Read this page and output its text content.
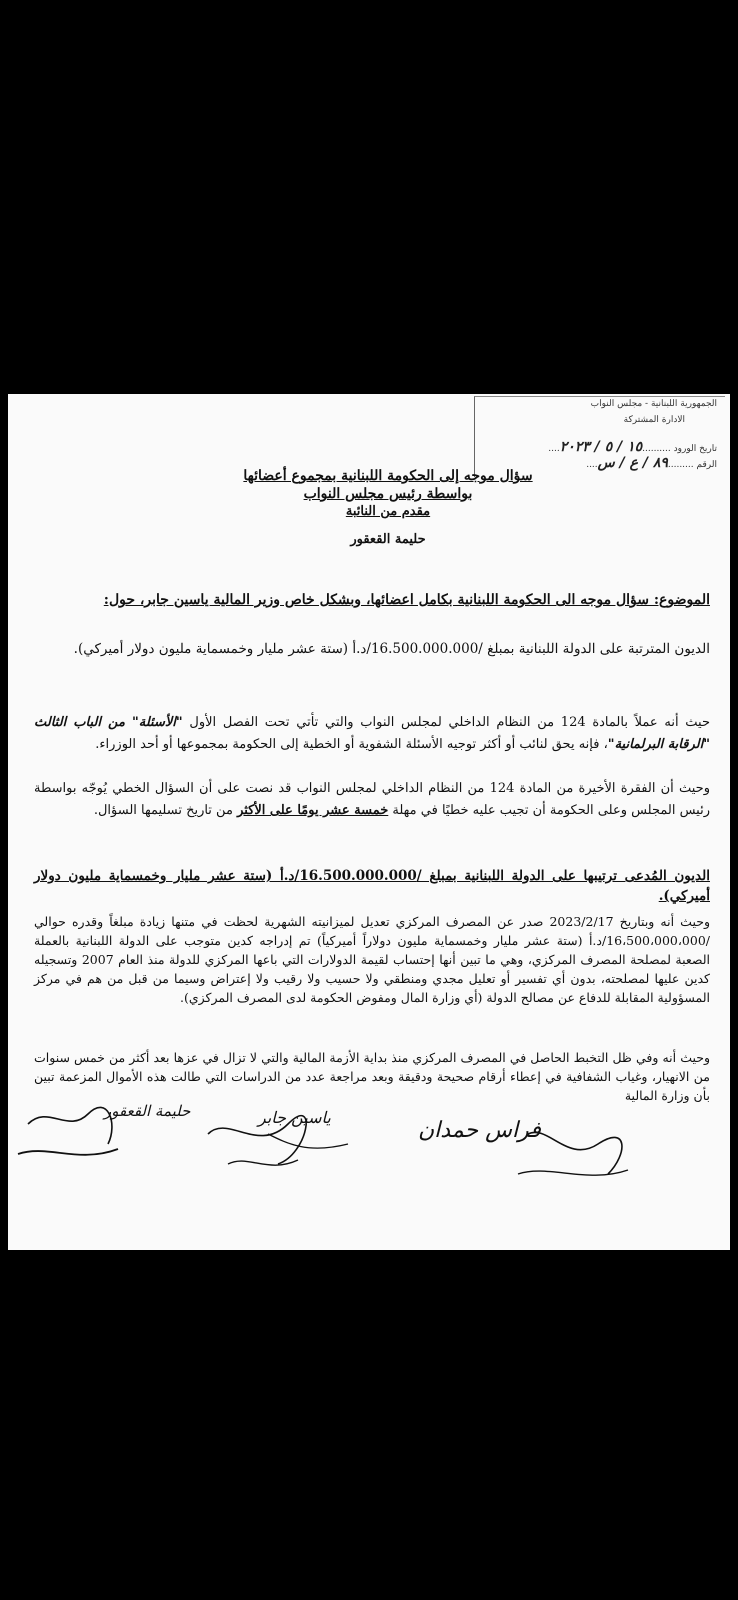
الجمهورية اللبنانية - مجلس النواب
الادارة المشتركة
تاريخ الورود ..........١٥ / ٥ / ٢٠٢٣....
الرقم .........٨٩ / ع / س....
سؤال موجه إلى الحكومة اللبنانية بمجموع أعضائها
بواسطة رئيس مجلس النواب
مقدم من النائبة
حليمة القعقور
الموضوع: سؤال موجه الى الحكومة اللبنانية بكامل اعضائها، وبشكل خاص وزير المالية ياسين جابر، حول:
الديون المترتبة على الدولة اللبنانية بمبلغ /16.500.000.000/د.أ (ستة عشر مليار وخمسماية مليون دولار أميركي).
حيث أنه عملاً بالمادة 124 من النظام الداخلي لمجلس النواب والتي تأتي تحت الفصل الأول "الأسئلة" من الباب الثالث "الرقابة البرلمانية"، فإنه يحق لنائب أو أكثر توجيه الأسئلة الشفوية أو الخطية إلى الحكومة بمجموعها أو أحد الوزراء.
وحيث أن الفقرة الأخيرة من المادة 124 من النظام الداخلي لمجلس النواب قد نصت على أن السؤال الخطي يُوجّه بواسطة رئيس المجلس وعلى الحكومة أن تجيب عليه خطيًا في مهلة خمسة عشر يومًا على الأكثر من تاريخ تسليمها السؤال.
الديون المُدعى ترتيبها على الدولة اللبنانية بمبلغ /16.500.000.000/د.أ (ستة عشر مليار وخمسماية مليون دولار أميركي).
وحيث أنه وبتاريخ 2023/2/17 صدر عن المصرف المركزي تعديل لميزانيته الشهرية لحظت في متنها زيادة مبلغاً وقدره حوالي /16،500،000،000/د.أ (ستة عشر مليار وخمسماية مليون دولاراً أميركياً) تم إدراجه كدين متوجب على الدولة اللبنانية بالعملة الصعبة لمصلحة المصرف المركزي، وهي ما تبين أنها إحتساب لقيمة الدولارات التي باعها المركزي للدولة منذ العام 2007 وتسجيله كدين عليها لمصلحته، بدون أي تفسير أو تعليل مجدي ومنطقي ولا حسيب ولا رقيب ولا إعتراض وسيما من قبل من هم في مركز المسؤولية المقابلة للدفاع عن مصالح الدولة (أي وزارة المال ومفوض الحكومة لدى المصرف المركزي).
وحيث أنه وفي ظل التخبط الحاصل في المصرف المركزي منذ بداية الأزمة المالية والتي لا تزال في عزها بعد أكثر من خمس سنوات من الانهيار، وغياب الشفافية في إعطاء أرقام صحيحة ودقيقة وبعد مراجعة عدد من الدراسات التي طالت هذه الأموال المزعمة تبين بأن وزارة المالية
حليمة القعقور	ياسين جابر
فراس حمدان
